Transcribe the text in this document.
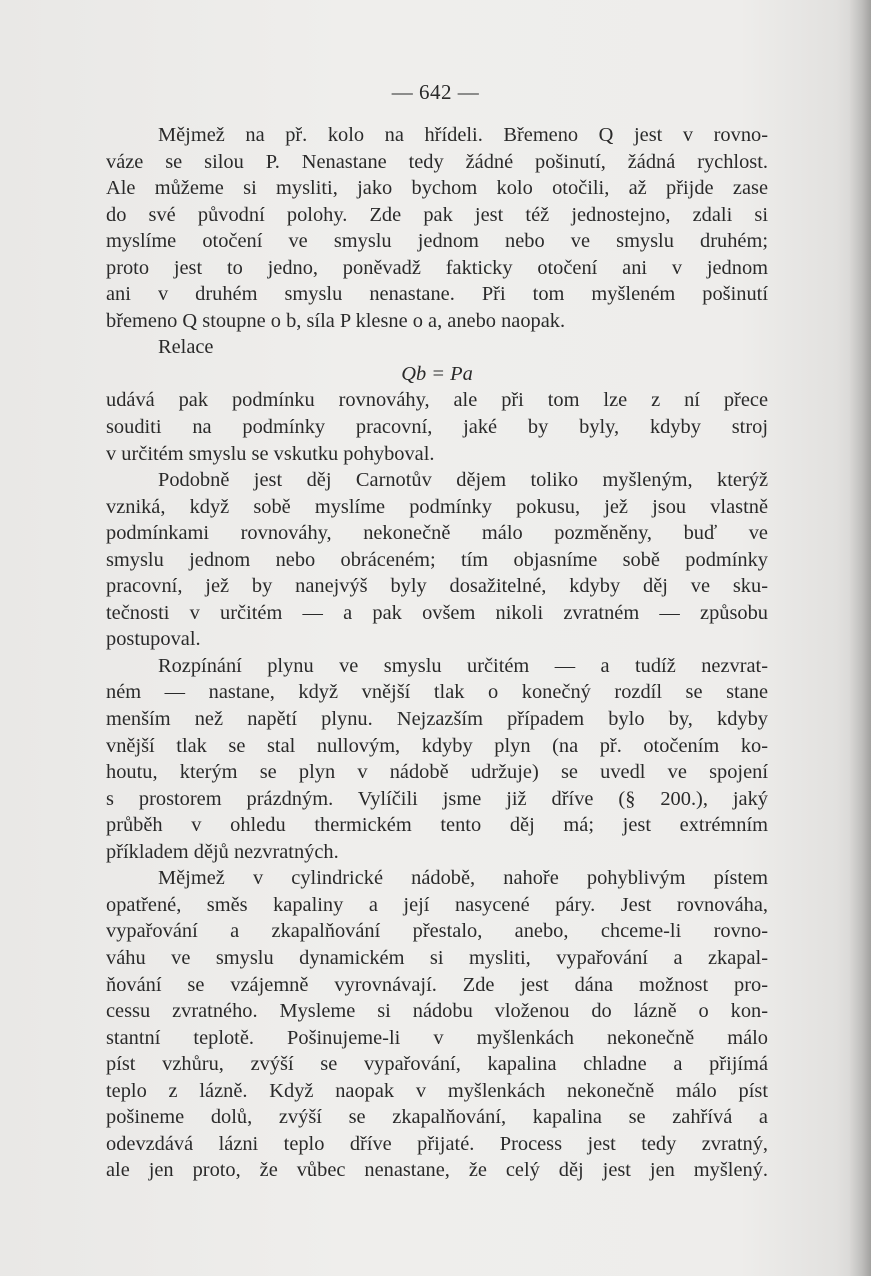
— 642 —
Mějmež na př. kolo na hřídeli. Břemeno Q jest v rovno-
váze se silou P. Nenastane tedy žádné pošinutí, žádná rychlost.
Ale můžeme si mysliti, jako bychom kolo otočili, až přijde zase
do své původní polohy. Zde pak jest též jednostejno, zdali si
myslíme otočení ve smyslu jednom nebo ve smyslu druhém;
proto jest to jedno, poněvadž fakticky otočení ani v jednom
ani v druhém smyslu nenastane. Při tom myšleném pošinutí
břemeno Q stoupne o b, síla P klesne o a, anebo naopak.
Relace
Qb = Pa
udává pak podmínku rovnováhy, ale při tom lze z ní přece
souditi na podmínky pracovní, jaké by byly, kdyby stroj
v určitém smyslu se vskutku pohyboval.
Podobně jest děj Carnotův dějem toliko myšleným, kterýž
vzniká, když sobě myslíme podmínky pokusu, jež jsou vlastně
podmínkami rovnováhy, nekonečně málo pozměněny, buď ve
smyslu jednom nebo obráceném; tím objasníme sobě podmínky
pracovní, jež by nanejvýš byly dosažitelné, kdyby děj ve sku-
tečnosti v určitém — a pak ovšem nikoli zvratném — způsobu
postupoval.
Rozpínání plynu ve smyslu určitém — a tudíž nezvrat-
ném — nastane, když vnější tlak o konečný rozdíl se stane
menším než napětí plynu. Nejzazším případem bylo by, kdyby
vnější tlak se stal nullovým, kdyby plyn (na př. otočením ko-
houtu, kterým se plyn v nádobě udržuje) se uvedl ve spojení
s prostorem prázdným. Vylíčili jsme již dříve (§ 200.), jaký
průběh v ohledu thermickém tento děj má; jest extrémním
příkladem dějů nezvratných.
Mějmež v cylindrické nádobě, nahoře pohyblivým pístem
opatřené, směs kapaliny a její nasycené páry. Jest rovnováha,
vypařování a zkapalňování přestalo, anebo, chceme-li rovno-
váhu ve smyslu dynamickém si mysliti, vypařování a zkapal-
ňování se vzájemně vyrovnávají. Zde jest dána možnost pro-
cessu zvratného. Mysleme si nádobu vloženou do lázně o kon-
stantní teplotě. Pošinujeme-li v myšlenkách nekonečně málo
píst vzhůru, zvýší se vypařování, kapalina chladne a přijímá
teplo z lázně. Když naopak v myšlenkách nekonečně málo píst
pošineme dolů, zvýší se zkapalňování, kapalina se zahřívá a
odevzdává lázni teplo dříve přijaté. Process jest tedy zvratný,
ale jen proto, že vůbec nenastane, že celý děj jest jen myšlený.
